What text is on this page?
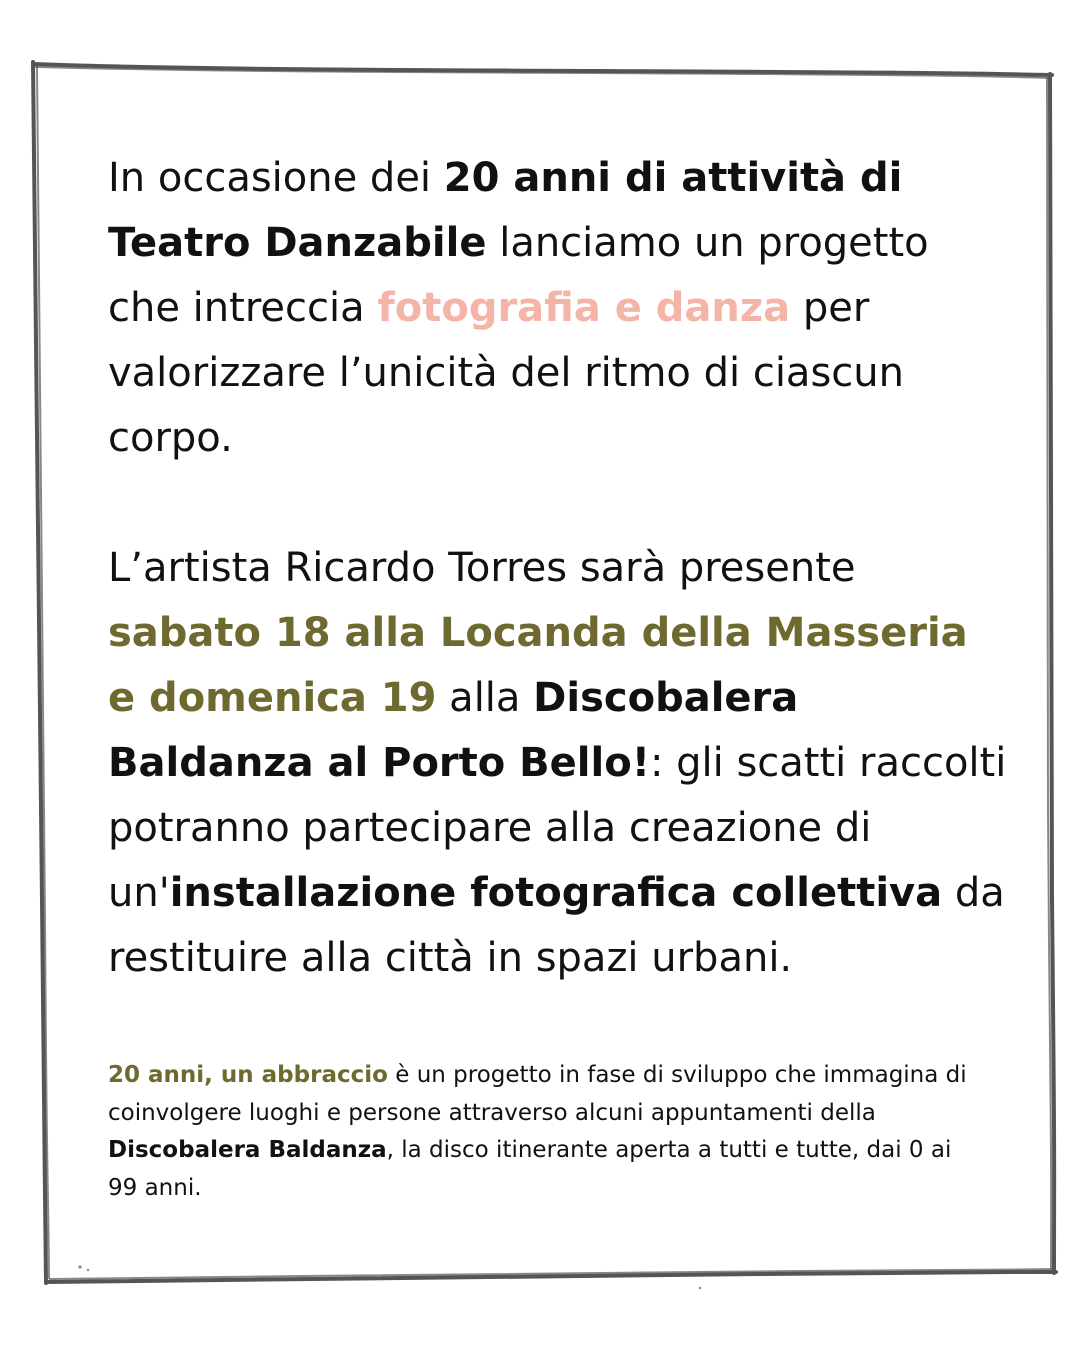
In occasione dei 20 anni di attività di Teatro Danzabile lanciamo un progetto che intreccia fotografia e danza per valorizzare l’unicità del ritmo di ciascun corpo.

L’artista Ricardo Torres sarà presente sabato 18 alla Locanda della Masseria e domenica 19 alla Discobalera Baldanza al Porto Bello!: gli scatti raccolti potranno partecipare alla creazione di un'installazione fotografica collettiva da restituire alla città in spazi urbani.

20 anni, un abbraccio è un progetto in fase di sviluppo che immagina di coinvolgere luoghi e persone attraverso alcuni appuntamenti della Discobalera Baldanza, la disco itinerante aperta a tutti e tutte, dai 0 ai 99 anni.
